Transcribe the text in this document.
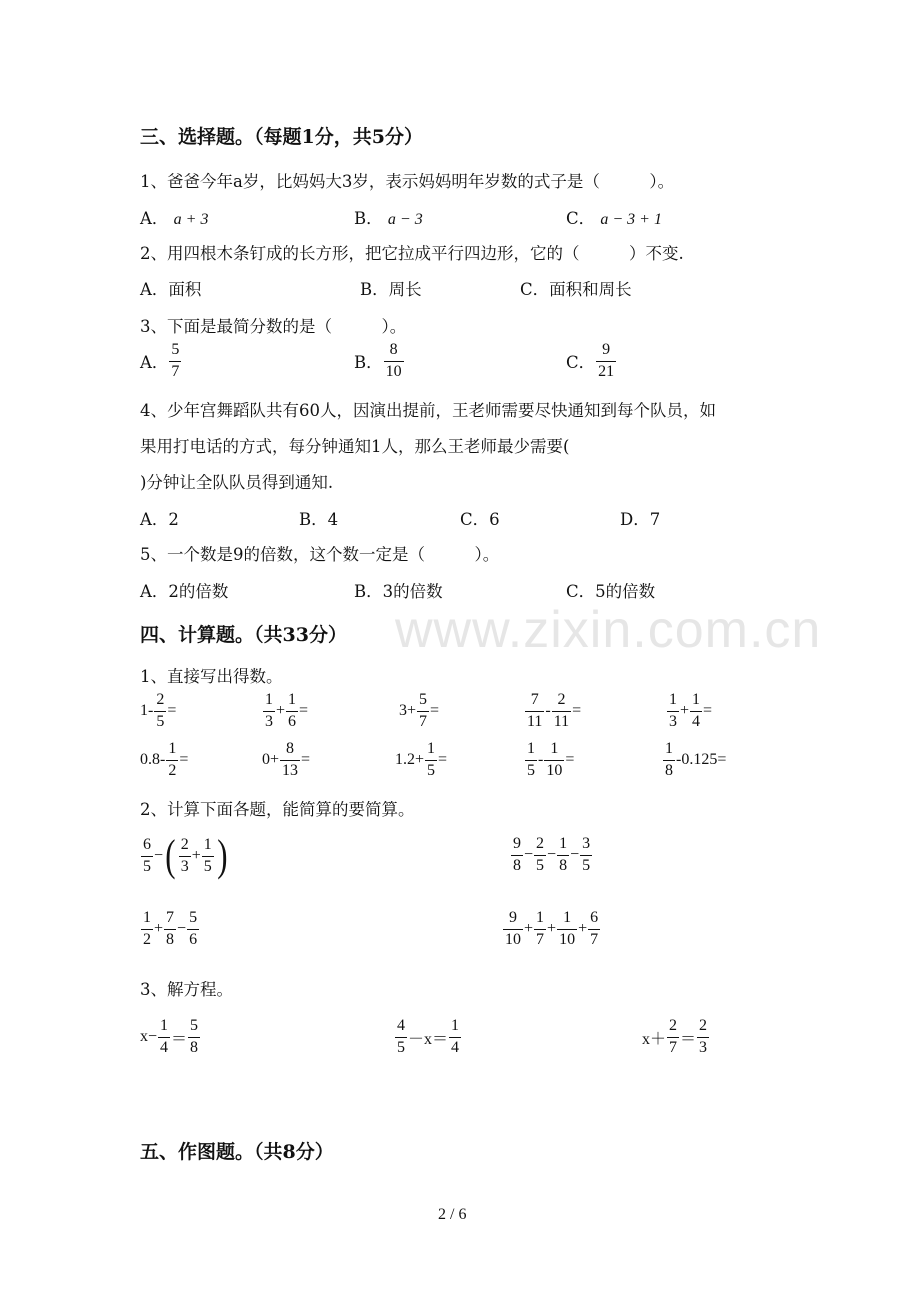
www.zixin.com.cn
三、选择题。（每题1分，共5分）
1、爸爸今年a岁，比妈妈大3岁，表示妈妈明年岁数的式子是（　　　）。
A． a + 3	B． a − 3	C． a − 3 + 1
2、用四根木条钉成的长方形，把它拉成平行四边形，它的（　　　）不变.
A．面积	B．周长	C．面积和周长
3、下面是最简分数的是（　　　）。
A． $\frac{5}{7}$	B． $\frac{8}{10}$	C． $\frac{9}{21}$
4、少年宫舞蹈队共有60人，因演出提前，王老师需要尽快通知到每个队员，如
果用打电话的方式，每分钟通知1人，那么王老师最少需要(
)分钟让全队队员得到通知.
A．2	B．4	C．6	D．7
5、一个数是9的倍数，这个数一定是（　　　）。
A．2的倍数	B．3的倍数	C．5的倍数
四、计算题。（共33分）
1、直接写出得数。
$1- \frac{2}{5}$ =	$\frac{1}{3} + \frac{1}{6}$ =	$3+ \frac{5}{7}$ =	$\frac{7}{11} - \frac{2}{11}$ =	$\frac{1}{3} + \frac{1}{4}$ =
$0.8- \frac{1}{2}$ =	$0+ \frac{8}{13}$ =	$1.2+ \frac{1}{5}$ =	$\frac{1}{5} - \frac{1}{10}$ =	$\frac{1}{8} - 0.125=$
2、计算下面各题，能简算的要简算。
$\frac{6}{5}$ − ( $\frac{2}{3} + \frac{1}{5}$ )	$\frac{9}{8} - \frac{2}{5} - \frac{1}{8} - \frac{3}{5}$
$\frac{1}{2} + \frac{7}{8} - \frac{5}{6}$	$\frac{9}{10} + \frac{1}{7} + \frac{1}{10} + \frac{6}{7}$
3、解方程。
$x- \frac{1}{4} = \frac{5}{8}$	$\frac{4}{5} -x= \frac{1}{4}$	$x+ \frac{2}{7} = \frac{2}{3}$
五、作图题。（共8分）
2 / 6
